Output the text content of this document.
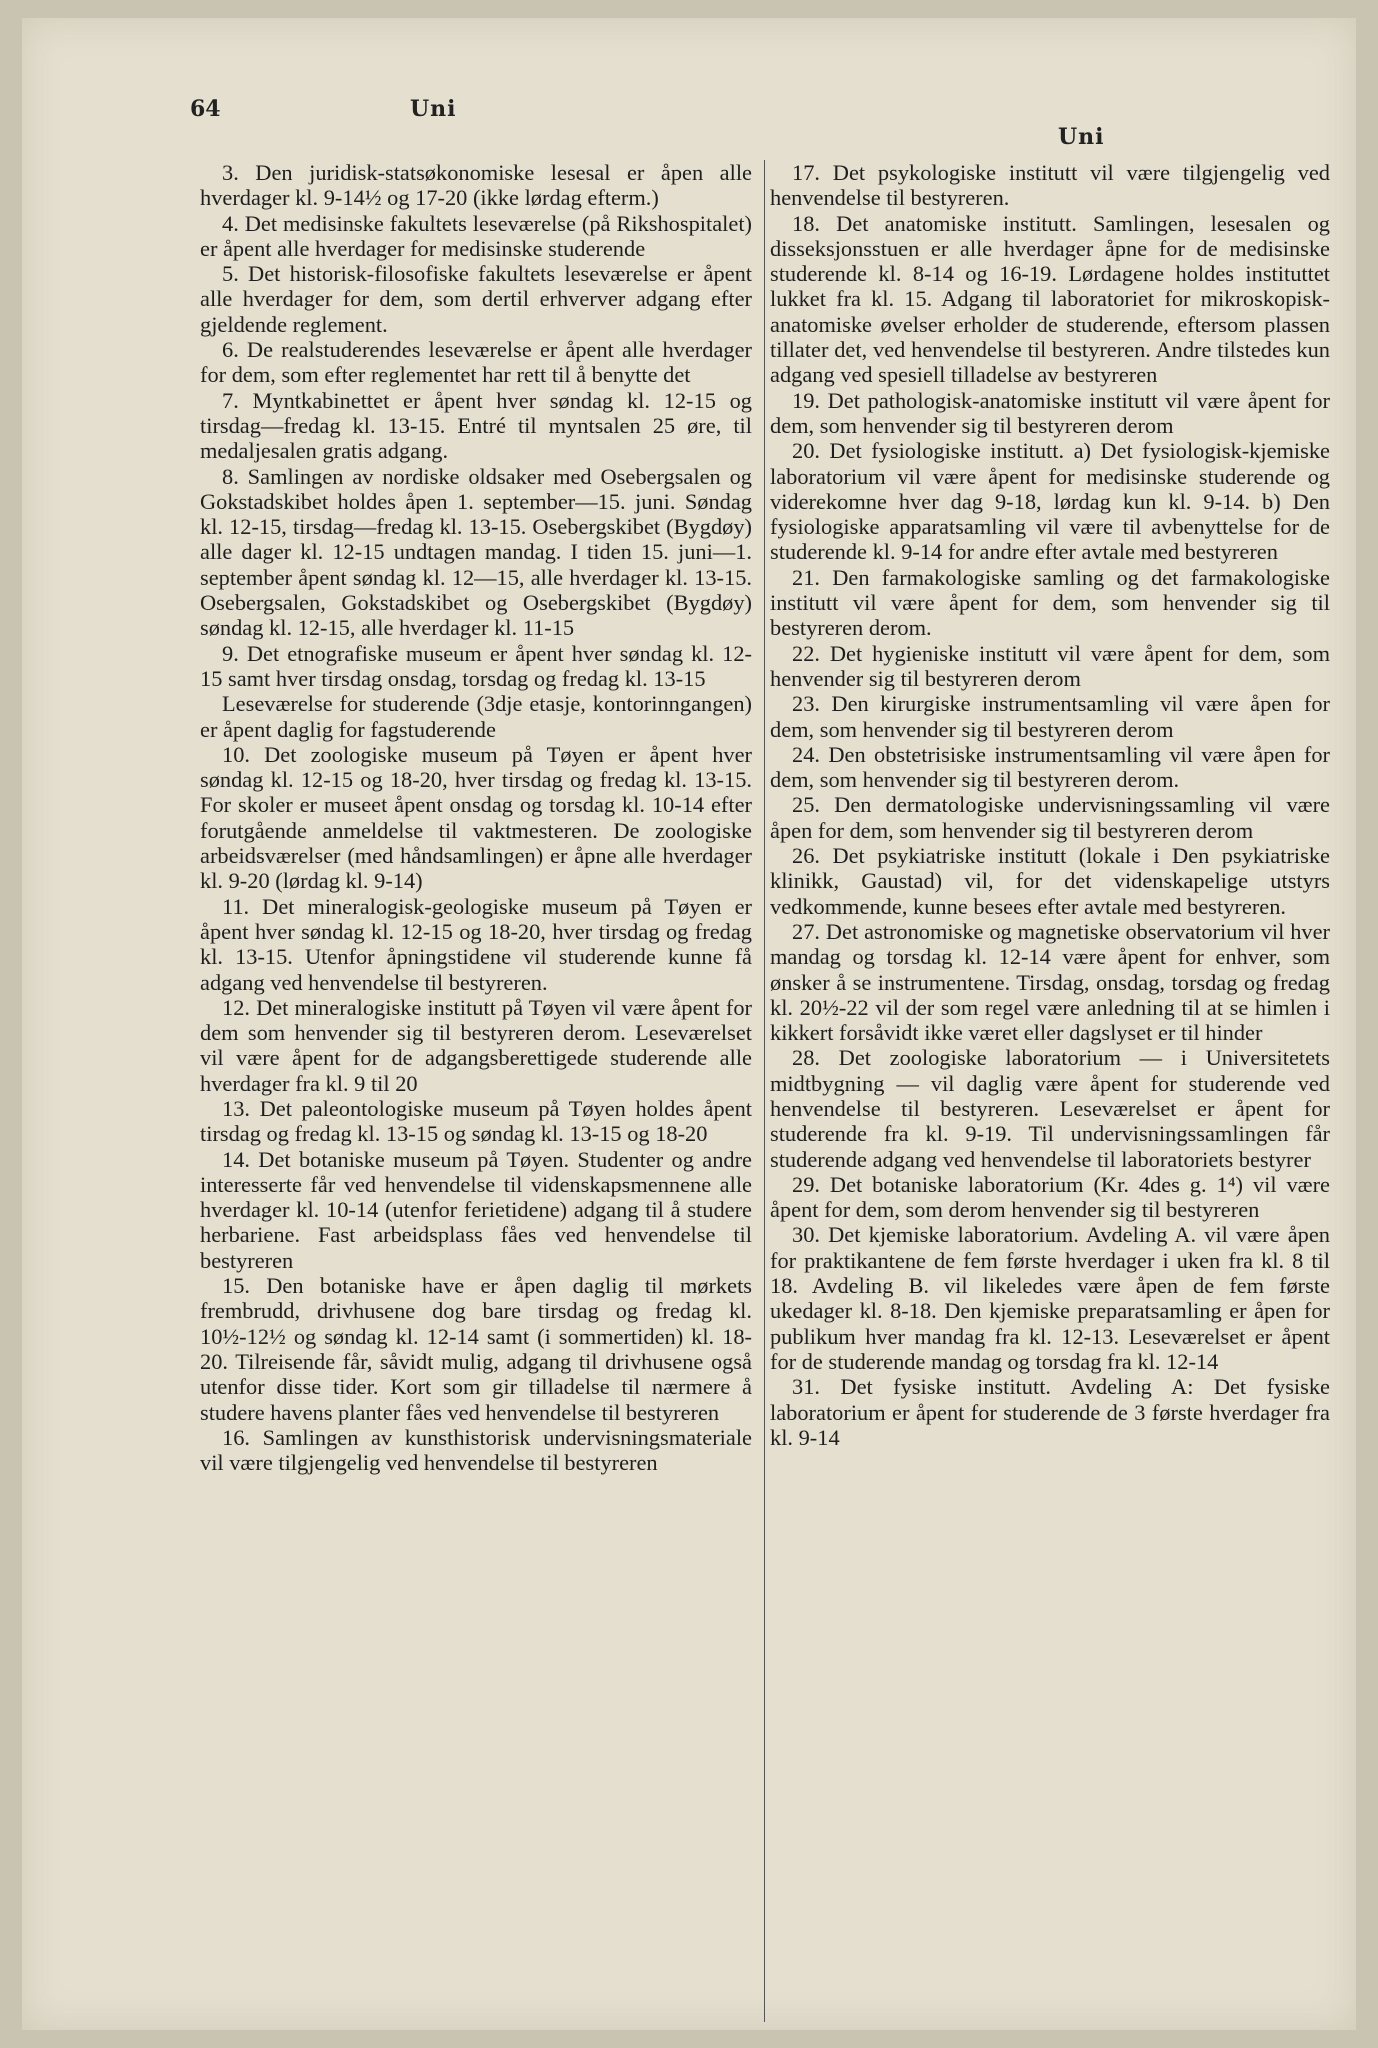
64	Uni
Uni

3. Den juridisk-statsøkonomiske lesesal er åpen alle hverdager kl. 9-14½ og 17-20 (ikke lørdag efterm.)

4. Det medisinske fakultets leseværelse (på Rikshospitalet) er åpent alle hverdager for medisinske studerende

5. Det historisk-filosofiske fakultets leseværelse er åpent alle hverdager for dem, som dertil erhverver adgang efter gjeldende reglement.

6. De realstuderendes leseværelse er åpent alle hverdager for dem, som efter reglementet har rett til å benytte det

7. Myntkabinettet er åpent hver søndag kl. 12-15 og tirsdag—fredag kl. 13-15. Entré til myntsalen 25 øre, til medaljesalen gratis adgang.

8. Samlingen av nordiske oldsaker med Osebergsalen og Gokstadskibet holdes åpen 1. september—15. juni. Søndag kl. 12-15, tirsdag—fredag kl. 13-15. Osebergskibet (Bygdøy) alle dager kl. 12-15 undtagen mandag. I tiden 15. juni—1. september åpent søndag kl. 12—15, alle hverdager kl. 13-15. Osebergsalen, Gokstadskibet og Osebergskibet (Bygdøy) søndag kl. 12-15, alle hverdager kl. 11-15

9. Det etnografiske museum er åpent hver søndag kl. 12-15 samt hver tirsdag onsdag, torsdag og fredag kl. 13-15

Leseværelse for studerende (3dje etasje, kontorinngangen) er åpent daglig for fagstuderende

10. Det zoologiske museum på Tøyen er åpent hver søndag kl. 12-15 og 18-20, hver tirsdag og fredag kl. 13-15. For skoler er museet åpent onsdag og torsdag kl. 10-14 efter forutgående anmeldelse til vaktmesteren. De zoologiske arbeidsværelser (med håndsamlingen) er åpne alle hverdager kl. 9-20 (lørdag kl. 9-14)

11. Det mineralogisk-geologiske museum på Tøyen er åpent hver søndag kl. 12-15 og 18-20, hver tirsdag og fredag kl. 13-15. Utenfor åpningstidene vil studerende kunne få adgang ved henvendelse til bestyreren.

12. Det mineralogiske institutt på Tøyen vil være åpent for dem som henvender sig til bestyreren derom. Leseværelset vil være åpent for de adgangsberettigede studerende alle hverdager fra kl. 9 til 20

13. Det paleontologiske museum på Tøyen holdes åpent tirsdag og fredag kl. 13-15 og søndag kl. 13-15 og 18-20

14. Det botaniske museum på Tøyen. Studenter og andre interesserte får ved henvendelse til videnskapsmennene alle hverdager kl. 10-14 (utenfor ferietidene) adgang til å studere herbariene. Fast arbeidsplass fåes ved henvendelse til bestyreren

15. Den botaniske have er åpen daglig til mørkets frembrudd, drivhusene dog bare tirsdag og fredag kl. 10½-12½ og søndag kl. 12-14 samt (i sommertiden) kl. 18-20. Tilreisende får, såvidt mulig, adgang til drivhusene også utenfor disse tider. Kort som gir tilladelse til nærmere å studere havens planter fåes ved henvendelse til bestyreren

16. Samlingen av kunsthistorisk undervisningsmateriale vil være tilgjengelig ved henvendelse til bestyreren

17. Det psykologiske institutt vil være tilgjengelig ved henvendelse til bestyreren.

18. Det anatomiske institutt. Samlingen, lesesalen og disseksjonsstuen er alle hverdager åpne for de medisinske studerende kl. 8-14 og 16-19. Lørdagene holdes instituttet lukket fra kl. 15. Adgang til laboratoriet for mikroskopisk-anatomiske øvelser erholder de studerende, eftersom plassen tillater det, ved henvendelse til bestyreren. Andre tilstedes kun adgang ved spesiell tilladelse av bestyreren

19. Det pathologisk-anatomiske institutt vil være åpent for dem, som henvender sig til bestyreren derom

20. Det fysiologiske institutt. a) Det fysiologisk-kjemiske laboratorium vil være åpent for medisinske studerende og viderekomne hver dag 9-18, lørdag kun kl. 9-14. b) Den fysiologiske apparatsamling vil være til avbenyttelse for de studerende kl. 9-14 for andre efter avtale med bestyreren

21. Den farmakologiske samling og det farmakologiske institutt vil være åpent for dem, som henvender sig til bestyreren derom.

22. Det hygieniske institutt vil være åpent for dem, som henvender sig til bestyreren derom

23. Den kirurgiske instrumentsamling vil være åpen for dem, som henvender sig til bestyreren derom

24. Den obstetrisiske instrumentsamling vil være åpen for dem, som henvender sig til bestyreren derom.

25. Den dermatologiske undervisningssamling vil være åpen for dem, som henvender sig til bestyreren derom

26. Det psykiatriske institutt (lokale i Den psykiatriske klinikk, Gaustad) vil, for det videnskapelige utstyrs vedkommende, kunne besees efter avtale med bestyreren.

27. Det astronomiske og magnetiske observatorium vil hver mandag og torsdag kl. 12-14 være åpent for enhver, som ønsker å se instrumentene. Tirsdag, onsdag, torsdag og fredag kl. 20½-22 vil der som regel være anledning til at se himlen i kikkert forsåvidt ikke været eller dagslyset er til hinder

28. Det zoologiske laboratorium — i Universitetets midtbygning — vil daglig være åpent for studerende ved henvendelse til bestyreren. Leseværelset er åpent for studerende fra kl. 9-19. Til undervisningssamlingen får studerende adgang ved henvendelse til laboratoriets bestyrer

29. Det botaniske laboratorium (Kr. 4des g. 1⁴) vil være åpent for dem, som derom henvender sig til bestyreren

30. Det kjemiske laboratorium. Avdeling A. vil være åpen for praktikantene de fem første hverdager i uken fra kl. 8 til 18. Avdeling B. vil likeledes være åpen de fem første ukedager kl. 8-18. Den kjemiske preparatsamling er åpen for publikum hver mandag fra kl. 12-13. Leseværelset er åpent for de studerende mandag og torsdag fra kl. 12-14

31. Det fysiske institutt. Avdeling A: Det fysiske laboratorium er åpent for studerende de 3 første hverdager fra kl. 9-14
